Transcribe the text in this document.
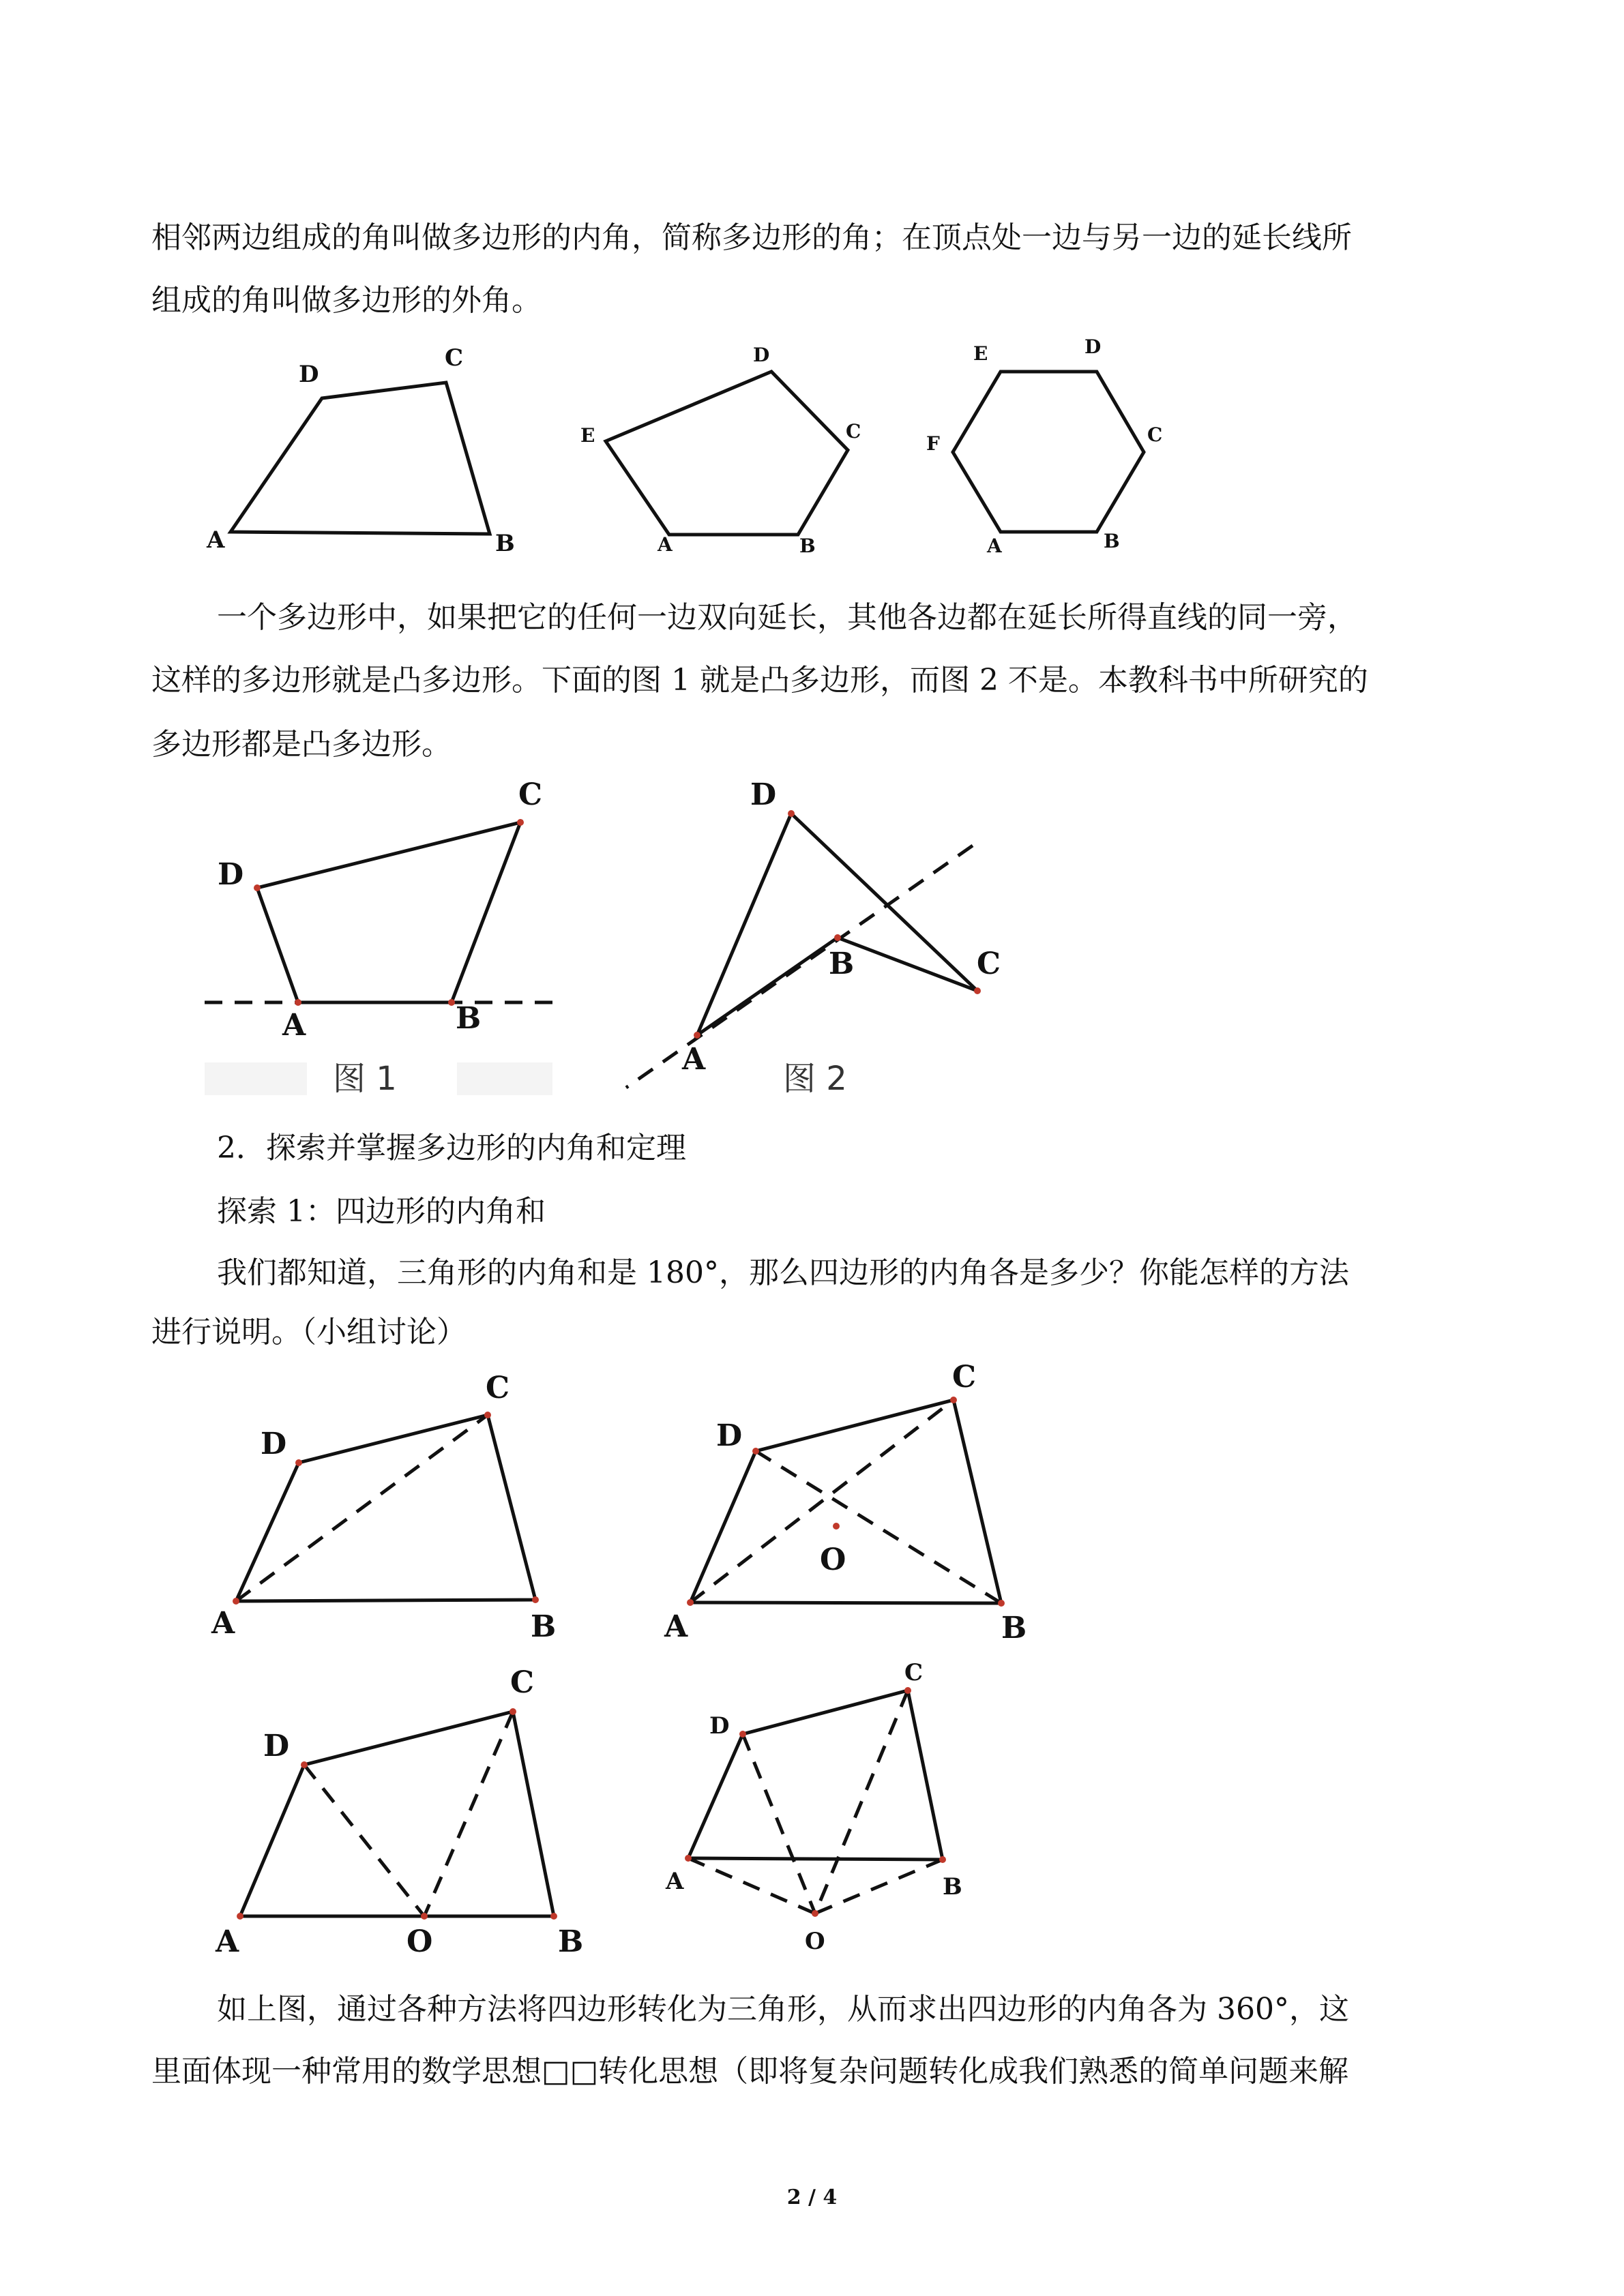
相邻两边组成的角叫做多边形的内角，简称多边形的角；在顶点处一边与另一边的延长线所

组成的角叫做多边形的外角。

A	B
C
D
A	B
C
D
E
A	B
C
D
E
F

一个多边形中，如果把它的任何一边双向延长，其他各边都在延长所得直线的同一旁，

这样的多边形就是凸多边形。下面的图 1 就是凸多边形，而图 2 不是。本教科书中所研究的

多边形都是凸多边形。

A	B
C
D
图 1
A
B	C
D
图 2

2．探索并掌握多边形的内角和定理

探索 1：四边形的内角和

我们都知道，三角形的内角和是 180°，那么四边形的内角各是多少？你能怎样的方法

进行说明。（小组讨论）

A	B
C
D
A	B
C
D
O
A	B
C
D
O
A	B
C
D
O

如上图，通过各种方法将四边形转化为三角形，从而求出四边形的内角各为 360°，这

里面体现一种常用的数学思想□□转化思想（即将复杂问题转化成我们熟悉的简单问题来解

2 / 4
